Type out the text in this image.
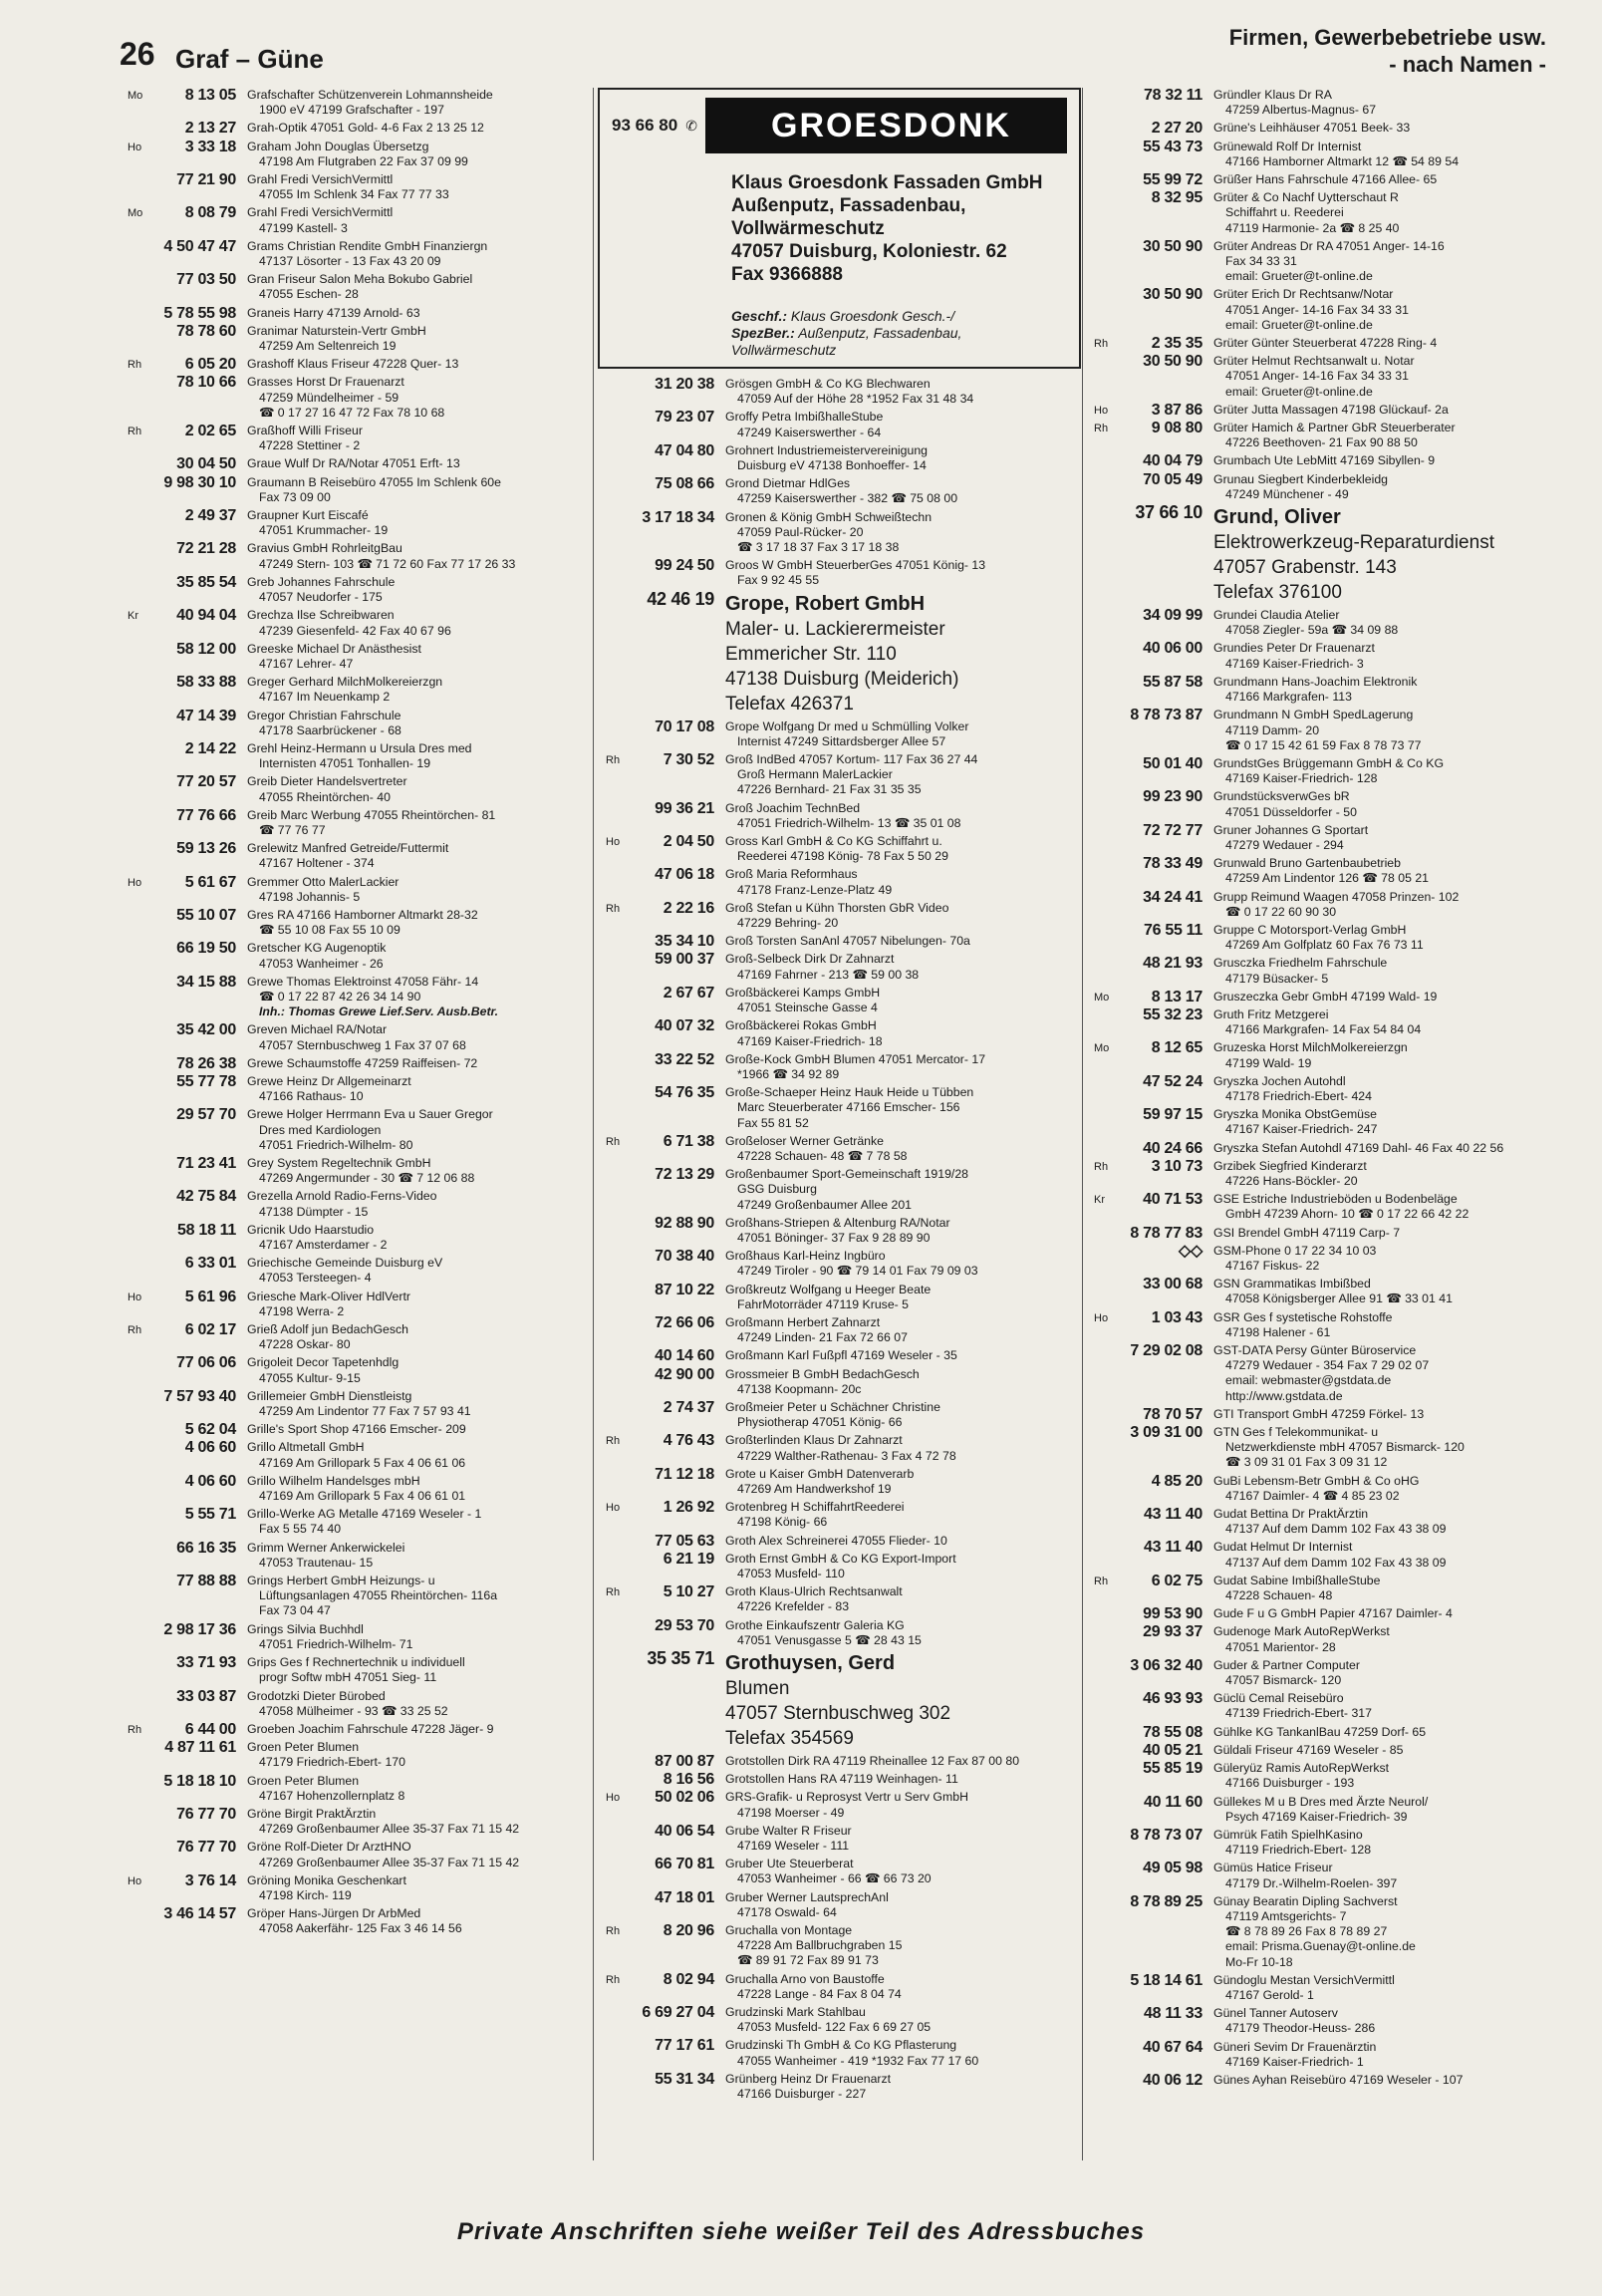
26 Graf – Güne
Firmen, Gewerbebetriebe usw.
- nach Namen -
Mo	8 13 05 Grafschafter Schützenverein Lohmannsheide
1900 eV 47199 Grafschafter - 197
2 13 27 Grah-Optik 47051 Gold- 4-6 Fax 2 13 25 12
Ho	3 33 18 Graham John Douglas Übersetzg
47198 Am Flutgraben 22 Fax 37 09 99
77 21 90 Grahl Fredi VersichVermittl
47055 Im Schlenk 34 Fax 77 77 33
Mo	8 08 79 Grahl Fredi VersichVermittl
47199 Kastell- 3
4 50 47 47 Grams Christian Rendite GmbH Finanziergn
47137 Lösorter - 13 Fax 43 20 09
77 03 50 Gran Friseur Salon Meha Bokubo Gabriel
47055 Eschen- 28
5 78 55 98 Graneis Harry 47139 Arnold- 63
78 78 60 Granimar Naturstein-Vertr GmbH
47259 Am Seltenreich 19
Rh	6 05 20 Grashoff Klaus Friseur 47228 Quer- 13
78 10 66 Grasses Horst Dr Frauenarzt
47259 Mündelheimer - 59
☎ 0 17 27 16 47 72 Fax 78 10 68
Rh	2 02 65 Graßhoff Willi Friseur
47228 Stettiner - 2
30 04 50 Graue Wulf Dr RA/Notar 47051 Erft- 13
9 98 30 10 Graumann B Reisebüro 47055 Im Schlenk 60e
Fax 73 09 00
2 49 37 Graupner Kurt Eiscafé
47051 Krummacher- 19
72 21 28 Gravius GmbH RohrleitgBau
47249 Stern- 103 ☎ 71 72 60 Fax 77 17 26 33
35 85 54 Greb Johannes Fahrschule
47057 Neudorfer - 175
Kr	40 94 04 Grechza Ilse Schreibwaren
47239 Giesenfeld- 42 Fax 40 67 96
58 12 00 Greeske Michael Dr Anästhesist
47167 Lehrer- 47
58 33 88 Greger Gerhard MilchMolkereierzgn
47167 Im Neuenkamp 2
47 14 39 Gregor Christian Fahrschule
47178 Saarbrückener - 68
2 14 22 Grehl Heinz-Hermann u Ursula Dres med
Internisten 47051 Tonhallen- 19
77 20 57 Greib Dieter Handelsvertreter
47055 Rheintörchen- 40
77 76 66 Greib Marc Werbung 47055 Rheintörchen- 81
☎ 77 76 77
59 13 26 Grelewitz Manfred Getreide/Futtermit
47167 Holtener - 374
Ho	5 61 67 Gremmer Otto MalerLackier
47198 Johannis- 5
55 10 07 Gres RA 47166 Hamborner Altmarkt 28-32
☎ 55 10 08 Fax 55 10 09
66 19 50 Gretscher KG Augenoptik
47053 Wanheimer - 26
34 15 88 Grewe Thomas Elektroinst 47058 Fähr- 14
☎ 0 17 22 87 42 26 34 14 90
Inh.: Thomas Grewe Lief.Serv. Ausb.Betr.
35 42 00 Greven Michael RA/Notar
47057 Sternbuschweg 1 Fax 37 07 68
78 26 38 Grewe Schaumstoffe 47259 Raiffeisen- 72
55 77 78 Grewe Heinz Dr Allgemeinarzt
47166 Rathaus- 10
29 57 70 Grewe Holger Herrmann Eva u Sauer Gregor
Dres med Kardiologen
47051 Friedrich-Wilhelm- 80
71 23 41 Grey System Regeltechnik GmbH
47269 Angermunder - 30 ☎ 7 12 06 88
42 75 84 Grezella Arnold Radio-Ferns-Video
47138 Dümpter - 15
58 18 11 Gricnik Udo Haarstudio
47167 Amsterdamer - 2
6 33 01 Griechische Gemeinde Duisburg eV
47053 Tersteegen- 4
Ho	5 61 96 Griesche Mark-Oliver HdlVertr
47198 Werra- 2
Rh	6 02 17 Grieß Adolf jun BedachGesch
47228 Oskar- 80
77 06 06 Grigoleit Decor Tapetenhdlg
47055 Kultur- 9-15
7 57 93 40 Grillemeier GmbH Dienstleistg
47259 Am Lindentor 77 Fax 7 57 93 41
5 62 04 Grille's Sport Shop 47166 Emscher- 209
4 06 60 Grillo Altmetall GmbH
47169 Am Grillopark 5 Fax 4 06 61 06
4 06 60 Grillo Wilhelm Handelsges mbH
47169 Am Grillopark 5 Fax 4 06 61 01
5 55 71 Grillo-Werke AG Metalle 47169 Weseler - 1
Fax 5 55 74 40
66 16 35 Grimm Werner Ankerwickelei
47053 Trautenau- 15
77 88 88 Grings Herbert GmbH Heizungs- u
Lüftungsanlagen 47055 Rheintörchen- 116a
Fax 73 04 47
2 98 17 36 Grings Silvia Buchhdl
47051 Friedrich-Wilhelm- 71
33 71 93 Grips Ges f Rechnertechnik u individuell
progr Softw mbH 47051 Sieg- 11
33 03 87 Grodotzki Dieter Bürobed
47058 Mülheimer - 93 ☎ 33 25 52
Rh	6 44 00 Groeben Joachim Fahrschule 47228 Jäger- 9
4 87 11 61 Groen Peter Blumen
47179 Friedrich-Ebert- 170
5 18 18 10 Groen Peter Blumen
47167 Hohenzollernplatz 8
76 77 70 Gröne Birgit PraktÄrztin
47269 Großenbaumer Allee 35-37 Fax 71 15 42
76 77 70 Gröne Rolf-Dieter Dr ArztHNO
47269 Großenbaumer Allee 35-37 Fax 71 15 42
Ho	3 76 14 Gröning Monika Geschenkart
47198 Kirch- 119
3 46 14 57 Gröper Hans-Jürgen Dr ArbMed
47058 Aakerfähr- 125 Fax 3 46 14 56
93 66 80 ✆	GROESDONK
Klaus Groesdonk Fassaden GmbH
Außenputz, Fassadenbau,
Vollwärmeschutz
47057 Duisburg, Koloniestr. 62
Fax 9366888
Geschf.: Klaus Groesdonk Gesch.-/
SpezBer.: Außenputz, Fassadenbau,
Vollwärmeschutz
31 20 38 Grösgen GmbH & Co KG Blechwaren
47059 Auf der Höhe 28 *1952 Fax 31 48 34
79 23 07 Groffy Petra ImbißhalleStube
47249 Kaiserswerther - 64
47 04 80 Grohnert Industriemeistervereinigung
Duisburg eV 47138 Bonhoeffer- 14
75 08 66 Grond Dietmar HdlGes
47259 Kaiserswerther - 382 ☎ 75 08 00
3 17 18 34 Gronen & König GmbH Schweißtechn
47059 Paul-Rücker- 20
☎ 3 17 18 37 Fax 3 17 18 38
99 24 50 Groos W GmbH SteuerberGes 47051 König- 13
Fax 9 92 45 55
42 46 19 Grope, Robert GmbH
Maler- u. Lackierermeister
Emmericher Str. 110
47138 Duisburg (Meiderich)
Telefax 426371
70 17 08 Grope Wolfgang Dr med u Schmülling Volker
Internist 47249 Sittardsberger Allee 57
Rh	7 30 52 Groß IndBed 47057 Kortum- 117 Fax 36 27 44
Groß Hermann MalerLackier
47226 Bernhard- 21 Fax 31 35 35
99 36 21 Groß Joachim TechnBed
47051 Friedrich-Wilhelm- 13 ☎ 35 01 08
Ho	2 04 50 Gross Karl GmbH & Co KG Schiffahrt u.
Reederei 47198 König- 78 Fax 5 50 29
47 06 18 Groß Maria Reformhaus
47178 Franz-Lenze-Platz 49
Rh	2 22 16 Groß Stefan u Kühn Thorsten GbR Video
47229 Behring- 20
35 34 10 Groß Torsten SanAnl 47057 Nibelungen- 70a
59 00 37 Groß-Selbeck Dirk Dr Zahnarzt
47169 Fahrner - 213 ☎ 59 00 38
2 67 67 Großbäckerei Kamps GmbH
47051 Steinsche Gasse 4
40 07 32 Großbäckerei Rokas GmbH
47169 Kaiser-Friedrich- 18
33 22 52 Große-Kock GmbH Blumen 47051 Mercator- 17
*1966 ☎ 34 92 89
54 76 35 Große-Schaeper Heinz Hauk Heide u Tübben
Marc Steuerberater 47166 Emscher- 156
Fax 55 81 52
Rh	6 71 38 Großeloser Werner Getränke
47228 Schauen- 48 ☎ 7 78 58
72 13 29 Großenbaumer Sport-Gemeinschaft 1919/28
GSG Duisburg
47249 Großenbaumer Allee 201
92 88 90 Großhans-Striepen & Altenburg RA/Notar
47051 Böninger- 37 Fax 9 28 89 90
70 38 40 Großhaus Karl-Heinz Ingbüro
47249 Tiroler - 90 ☎ 79 14 01 Fax 79 09 03
87 10 22 Großkreutz Wolfgang u Heeger Beate
FahrMotorräder 47119 Kruse- 5
72 66 06 Großmann Herbert Zahnarzt
47249 Linden- 21 Fax 72 66 07
40 14 60 Großmann Karl Fußpfl 47169 Weseler - 35
42 90 00 Grossmeier B GmbH BedachGesch
47138 Koopmann- 20c
2 74 37 Großmeier Peter u Schächner Christine
Physiotherap 47051 König- 66
Rh	4 76 43 Großterlinden Klaus Dr Zahnarzt
47229 Walther-Rathenau- 3 Fax 4 72 78
71 12 18 Grote u Kaiser GmbH Datenverarb
47269 Am Handwerkshof 19
Ho	1 26 92 Grotenbreg H SchiffahrtReederei
47198 König- 66
77 05 63 Groth Alex Schreinerei 47055 Flieder- 10
6 21 19 Groth Ernst GmbH & Co KG Export-Import
47053 Musfeld- 110
Rh	5 10 27 Groth Klaus-Ulrich Rechtsanwalt
47226 Krefelder - 83
29 53 70 Grothe Einkaufszentr Galeria KG
47051 Venusgasse 5 ☎ 28 43 15
35 35 71 Grothuysen, Gerd
Blumen
47057 Sternbuschweg 302
Telefax 354569
87 00 87 Grotstollen Dirk RA 47119 Rheinallee 12 Fax 87 00 80
8 16 56 Grotstollen Hans RA 47119 Weinhagen- 11
Ho	50 02 06 GRS-Grafik- u Reprosyst Vertr u Serv GmbH
47198 Moerser - 49
40 06 54 Grube Walter R Friseur
47169 Weseler - 111
66 70 81 Gruber Ute Steuerberat
47053 Wanheimer - 66 ☎ 66 73 20
47 18 01 Gruber Werner LautsprechAnl
47178 Oswald- 64
Rh	8 20 96 Gruchalla von Montage
47228 Am Ballbruchgraben 15
☎ 89 91 72 Fax 89 91 73
Rh	8 02 94 Gruchalla Arno von Baustoffe
47228 Lange - 84 Fax 8 04 74
6 69 27 04 Grudzinski Mark Stahlbau
47053 Musfeld- 122 Fax 6 69 27 05
77 17 61 Grudzinski Th GmbH & Co KG Pflasterung
47055 Wanheimer - 419 *1932 Fax 77 17 60
55 31 34 Grünberg Heinz Dr Frauenarzt
47166 Duisburger - 227
78 32 11 Gründler Klaus Dr RA
47259 Albertus-Magnus- 67
2 27 20 Grüne's Leihhäuser 47051 Beek- 33
55 43 73 Grünewald Rolf Dr Internist
47166 Hamborner Altmarkt 12 ☎ 54 89 54
55 99 72 Grüßer Hans Fahrschule 47166 Allee- 65
8 32 95 Grüter & Co Nachf Uytterschaut R
Schiffahrt u. Reederei
47119 Harmonie- 2a ☎ 8 25 40
30 50 90 Grüter Andreas Dr RA 47051 Anger- 14-16
Fax 34 33 31
email: Grueter@t-online.de
30 50 90 Grüter Erich Dr Rechtsanw/Notar
47051 Anger- 14-16 Fax 34 33 31
email: Grueter@t-online.de
Rh	2 35 35 Grüter Günter Steuerberat 47228 Ring- 4
30 50 90 Grüter Helmut Rechtsanwalt u. Notar
47051 Anger- 14-16 Fax 34 33 31
email: Grueter@t-online.de
Ho	3 87 86 Grüter Jutta Massagen 47198 Glückauf- 2a
Rh	9 08 80 Grüter Hamich & Partner GbR Steuerberater
47226 Beethoven- 21 Fax 90 88 50
40 04 79 Grumbach Ute LebMitt 47169 Sibyllen- 9
70 05 49 Grunau Siegbert Kinderbekleidg
47249 Münchener - 49
37 66 10 Grund, Oliver
Elektrowerkzeug-Reparaturdienst
47057 Grabenstr. 143
Telefax 376100
34 09 99 Grundei Claudia Atelier
47058 Ziegler- 59a ☎ 34 09 88
40 06 00 Grundies Peter Dr Frauenarzt
47169 Kaiser-Friedrich- 3
55 87 58 Grundmann Hans-Joachim Elektronik
47166 Markgrafen- 113
8 78 73 87 Grundmann N GmbH SpedLagerung
47119 Damm- 20
☎ 0 17 15 42 61 59 Fax 8 78 73 77
50 01 40 GrundstGes Brüggemann GmbH & Co KG
47169 Kaiser-Friedrich- 128
99 23 90 GrundstücksverwGes bR
47051 Düsseldorfer - 50
72 72 77 Gruner Johannes G Sportart
47279 Wedauer - 294
78 33 49 Grunwald Bruno Gartenbaubetrieb
47259 Am Lindentor 126 ☎ 78 05 21
34 24 41 Grupp Reimund Waagen 47058 Prinzen- 102
☎ 0 17 22 60 90 30
76 55 11 Gruppe C Motorsport-Verlag GmbH
47269 Am Golfplatz 60 Fax 76 73 11
48 21 93 Grusczka Friedhelm Fahrschule
47179 Büsacker- 5
Mo	8 13 17 Gruszeczka Gebr GmbH 47199 Wald- 19
55 32 23 Gruth Fritz Metzgerei
47166 Markgrafen- 14 Fax 54 84 04
Mo	8 12 65 Gruzeska Horst MilchMolkereierzgn
47199 Wald- 19
47 52 24 Gryszka Jochen Autohdl
47178 Friedrich-Ebert- 424
59 97 15 Gryszka Monika ObstGemüse
47167 Kaiser-Friedrich- 247
40 24 66 Gryszka Stefan Autohdl 47169 Dahl- 46 Fax 40 22 56
Rh	3 10 73 Grzibek Siegfried Kinderarzt
47226 Hans-Böckler- 20
Kr	40 71 53 GSE Estriche Industrieböden u Bodenbeläge
GmbH 47239 Ahorn- 10 ☎ 0 17 22 66 42 22
8 78 77 83 GSI Brendel GmbH 47119 Carp- 7
◇◇ GSM-Phone 0 17 22 34 10 03
47167 Fiskus- 22
33 00 68 GSN Grammatikas Imbißbed
47058 Königsberger Allee 91 ☎ 33 01 41
Ho	1 03 43 GSR Ges f systetische Rohstoffe
47198 Halener - 61
7 29 02 08 GST-DATA Persy Günter Büroservice
47279 Wedauer - 354 Fax 7 29 02 07
email: webmaster@gstdata.de
http://www.gstdata.de
78 70 57 GTI Transport GmbH 47259 Förkel- 13
3 09 31 00 GTN Ges f Telekommunikat- u
Netzwerkdienste mbH 47057 Bismarck- 120
☎ 3 09 31 01 Fax 3 09 31 12
4 85 20 GuBi Lebensm-Betr GmbH & Co oHG
47167 Daimler- 4 ☎ 4 85 23 02
43 11 40 Gudat Bettina Dr PraktÄrztin
47137 Auf dem Damm 102 Fax 43 38 09
43 11 40 Gudat Helmut Dr Internist
47137 Auf dem Damm 102 Fax 43 38 09
Rh	6 02 75 Gudat Sabine ImbißhalleStube
47228 Schauen- 48
99 53 90 Gude F u G GmbH Papier 47167 Daimler- 4
29 93 37 Gudenoge Mark AutoRepWerkst
47051 Marientor- 28
3 06 32 40 Guder & Partner Computer
47057 Bismarck- 120
46 93 93 Güclü Cemal Reisebüro
47139 Friedrich-Ebert- 317
78 55 08 Gühlke KG TankanlBau 47259 Dorf- 65
40 05 21 Güldali Friseur 47169 Weseler - 85
55 85 19 Güleryüz Ramis AutoRepWerkst
47166 Duisburger - 193
40 11 60 Güllekes M u B Dres med Ärzte Neurol/
Psych 47169 Kaiser-Friedrich- 39
8 78 73 07 Gümrük Fatih SpielhKasino
47119 Friedrich-Ebert- 128
49 05 98 Gümüs Hatice Friseur
47179 Dr.-Wilhelm-Roelen- 397
8 78 89 25 Günay Bearatin Dipling Sachverst
47119 Amtsgerichts- 7
☎ 8 78 89 26 Fax 8 78 89 27
email: Prisma.Guenay@t-online.de
Mo-Fr 10-18
5 18 14 61 Gündoglu Mestan VersichVermittl
47167 Gerold- 1
48 11 33 Günel Tanner Autoserv
47179 Theodor-Heuss- 286
40 67 64 Güneri Sevim Dr Frauenärztin
47169 Kaiser-Friedrich- 1
40 06 12 Günes Ayhan Reisebüro 47169 Weseler - 107
Private Anschriften siehe weißer Teil des Adressbuches
